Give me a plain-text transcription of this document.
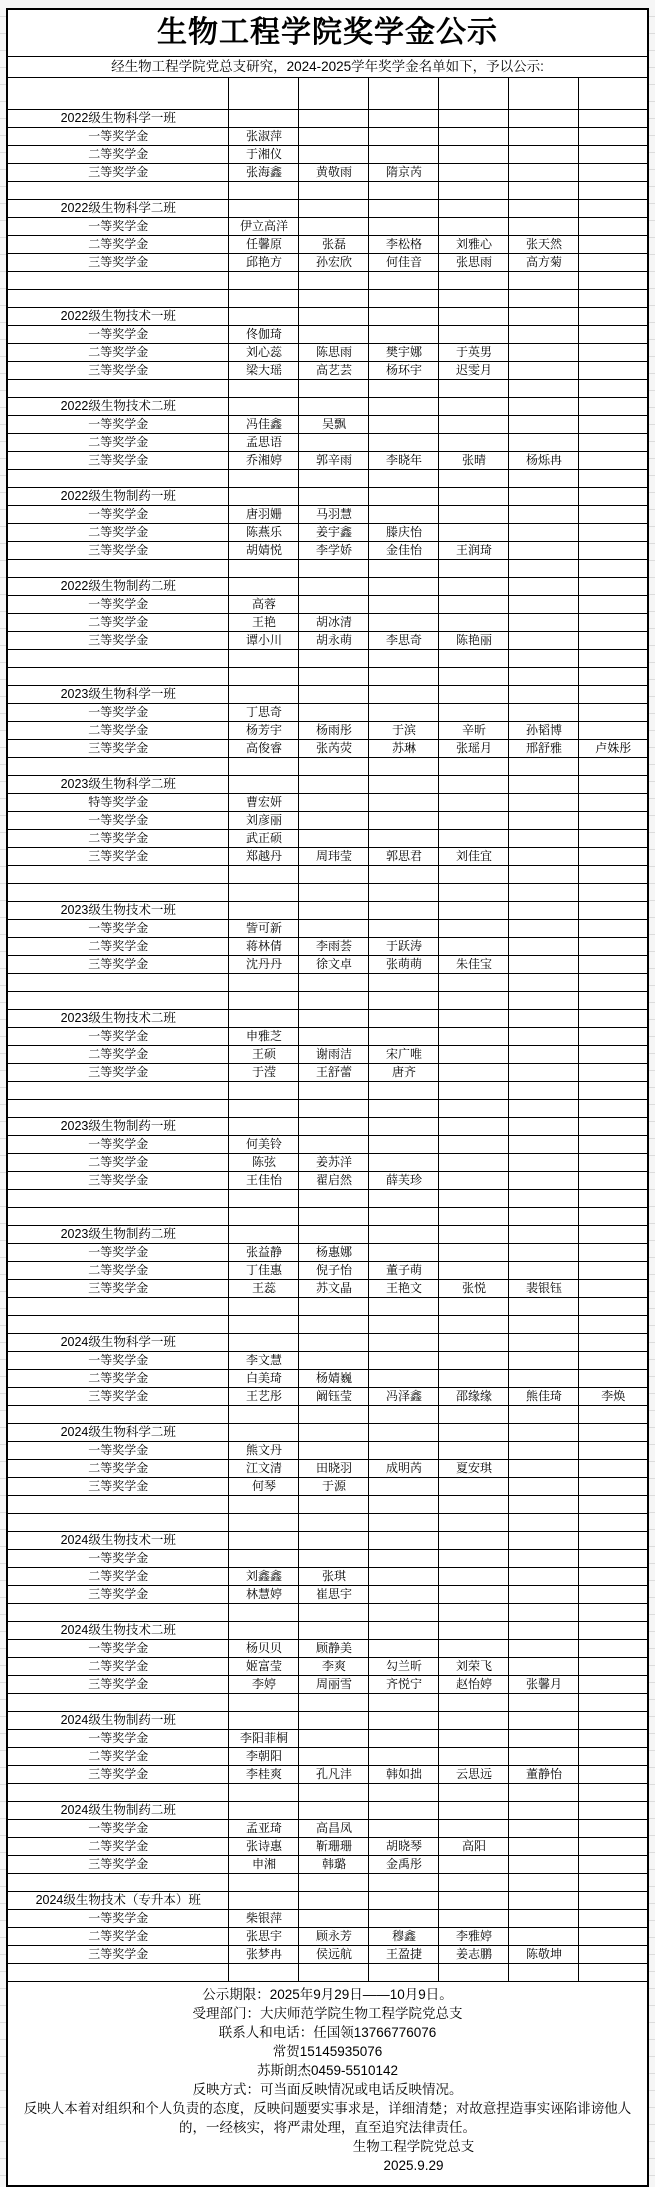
生物工程学院奖学金公示						
经生物工程学院党总支研究，2024-2025学年奖学金名单如下，予以公示:						

2022级生物科学一班						
一等奖学金	张淑萍					
二等奖学金	于湘仪					
三等奖学金	张海鑫	黄敬雨	隋京芮			

2022级生物科学二班						
一等奖学金	伊立高洋					
二等奖学金	任馨原	张磊	李松格	刘雅心	张天然	
三等奖学金	邱艳方	孙宏欣	何佳音	张思雨	高方菊	

2022级生物技术一班						
一等奖学金	佟伽琦					
二等奖学金	刘心蕊	陈思雨	樊宇娜	于英男		
三等奖学金	梁大瑶	高艺芸	杨环宇	迟雯月		

2022级生物技术二班						
一等奖学金	冯佳鑫	吴飘				
二等奖学金	孟思语					
三等奖学金	乔湘婷	郭辛雨	李晓年	张晴	杨烁冉	

2022级生物制药一班						
一等奖学金	唐羽姗	马羽慧				
二等奖学金	陈燕乐	姜宇鑫	滕庆怡			
三等奖学金	胡婧悦	李学娇	金佳怡	王润琦		

2022级生物制药二班						
一等奖学金	高蓉					
二等奖学金	王艳	胡冰清				
三等奖学金	谭小川	胡永萌	李思奇	陈艳丽		

2023级生物科学一班						
一等奖学金	丁思奇					
二等奖学金	杨芳宇	杨雨彤	于滨	辛昕	孙韬博	
三等奖学金	高俊睿	张芮荧	苏琳	张瑶月	邢舒雅	卢姝彤

2023级生物科学二班						
特等奖学金	曹宏妍					
一等奖学金	刘彦丽					
二等奖学金	武正硕					
三等奖学金	郑越丹	周玮莹	郭思君	刘佳宜		

2023级生物技术一班						
一等奖学金	訾可新					
二等奖学金	蒋林倩	李雨荟	于跃涛			
三等奖学金	沈丹丹	徐文卓	张萌萌	朱佳宝		

2023级生物技术二班						
一等奖学金	申雅芝					
二等奖学金	王硕	谢雨洁	宋广唯			
三等奖学金	于滢	王舒蕾	唐齐			

2023级生物制药一班						
一等奖学金	何美铃					
二等奖学金	陈弦	姜苏洋				
三等奖学金	王佳怡	翟启然	薛芙珍			

2023级生物制药二班						
一等奖学金	张益静	杨惠娜				
二等奖学金	丁佳惠	倪子怡	董子萌			
三等奖学金	王蕊	苏文晶	王艳文	张悦	裴银钰	

2024级生物科学一班						
一等奖学金	李文慧					
二等奖学金	白美琦	杨婧巍				
三等奖学金	王艺彤	阚钰莹	冯泽鑫	邵缘缘	熊佳琦	李焕

2024级生物科学二班						
一等奖学金	熊文丹					
二等奖学金	江文清	田晓羽	成明芮	夏安琪		
三等奖学金	何琴	于源				

2024级生物技术一班						
一等奖学金						
二等奖学金	刘鑫鑫	张琪				
三等奖学金	林慧婷	崔思宇				

2024级生物技术二班						
一等奖学金	杨贝贝	顾静美				
二等奖学金	姬富莹	李爽	勾兰昕	刘荣飞		
三等奖学金	李婷	周丽雪	齐悦宁	赵怡婷	张馨月	

2024级生物制药一班						
一等奖学金	李阳菲桐					
二等奖学金	李朝阳					
三等奖学金	李桂爽	孔凡沣	韩如拙	云思远	董静怡	

2024级生物制药二班						
一等奖学金	孟亚琦	高昌凤				
二等奖学金	张诗惠	靳珊珊	胡晓琴	高阳		
三等奖学金	申湘	韩璐	金禹彤			

2024级生物技术（专升本）班						
一等奖学金	柴银萍					
二等奖学金	张思宇	顾永芳	穆鑫	李雅婷		
三等奖学金	张梦冉	侯远航	王盈捷	姜志鹏	陈敬坤	

公示期限：2025年9月29日——10月9日。
受理部门：大庆师范学院生物工程学院党总支
联系人和电话：任国领13766776076
常贺15145935076
苏斯朗杰0459-5510142
反映方式：可当面反映情况或电话反映情况。
反映人本着对组织和个人负责的态度，反映问题要实事求是，详细清楚；对故意捏造事实诬陷诽谤他人的，一经核实，将严肃处理，直至追究法律责任。
生物工程学院党总支
2025.9.29
